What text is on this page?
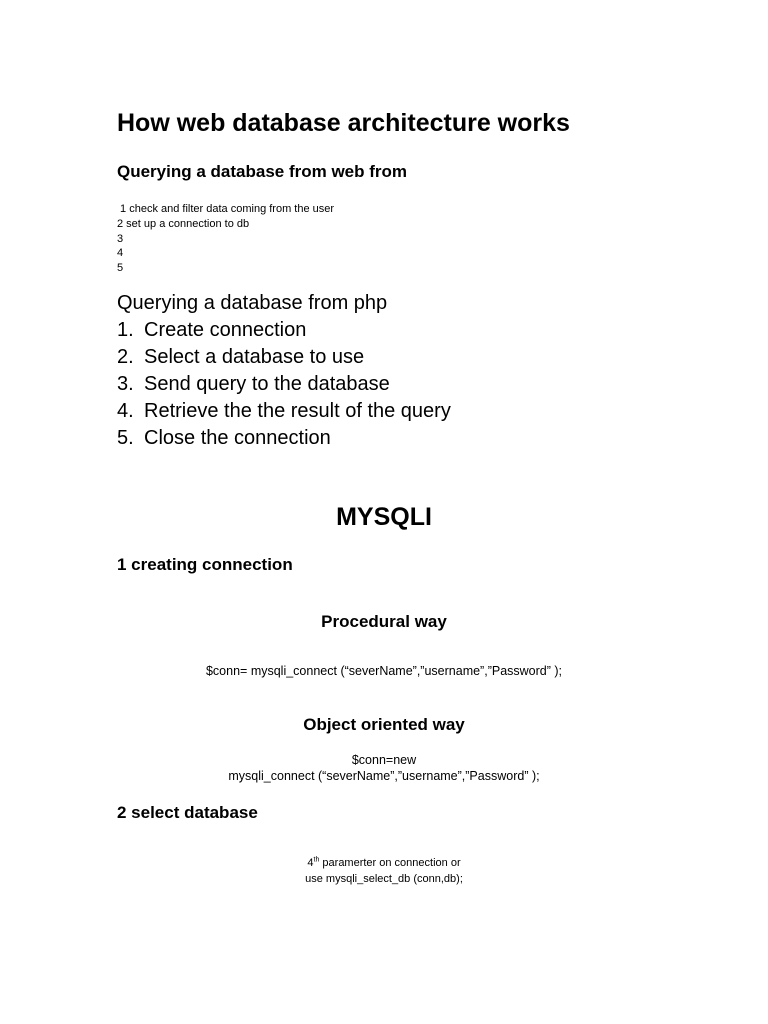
How web database architecture works
Querying a database from web from
1 check and filter data coming from the user
2 set up a connection to db
3
4
5
Querying a database from php
1. Create connection
2. Select a database to use
3. Send query to the database
4. Retrieve the the result of the query
5. Close the connection
MYSQLI
1 creating connection
Procedural way
$conn= mysqli_connect (“severName”,”username”,”Password” );
Object oriented way
$conn=new
mysqli_connect (“severName”,”username”,”Password” );
2 select database
4th paramerter on connection or
use mysqli_select_db (conn,db);
